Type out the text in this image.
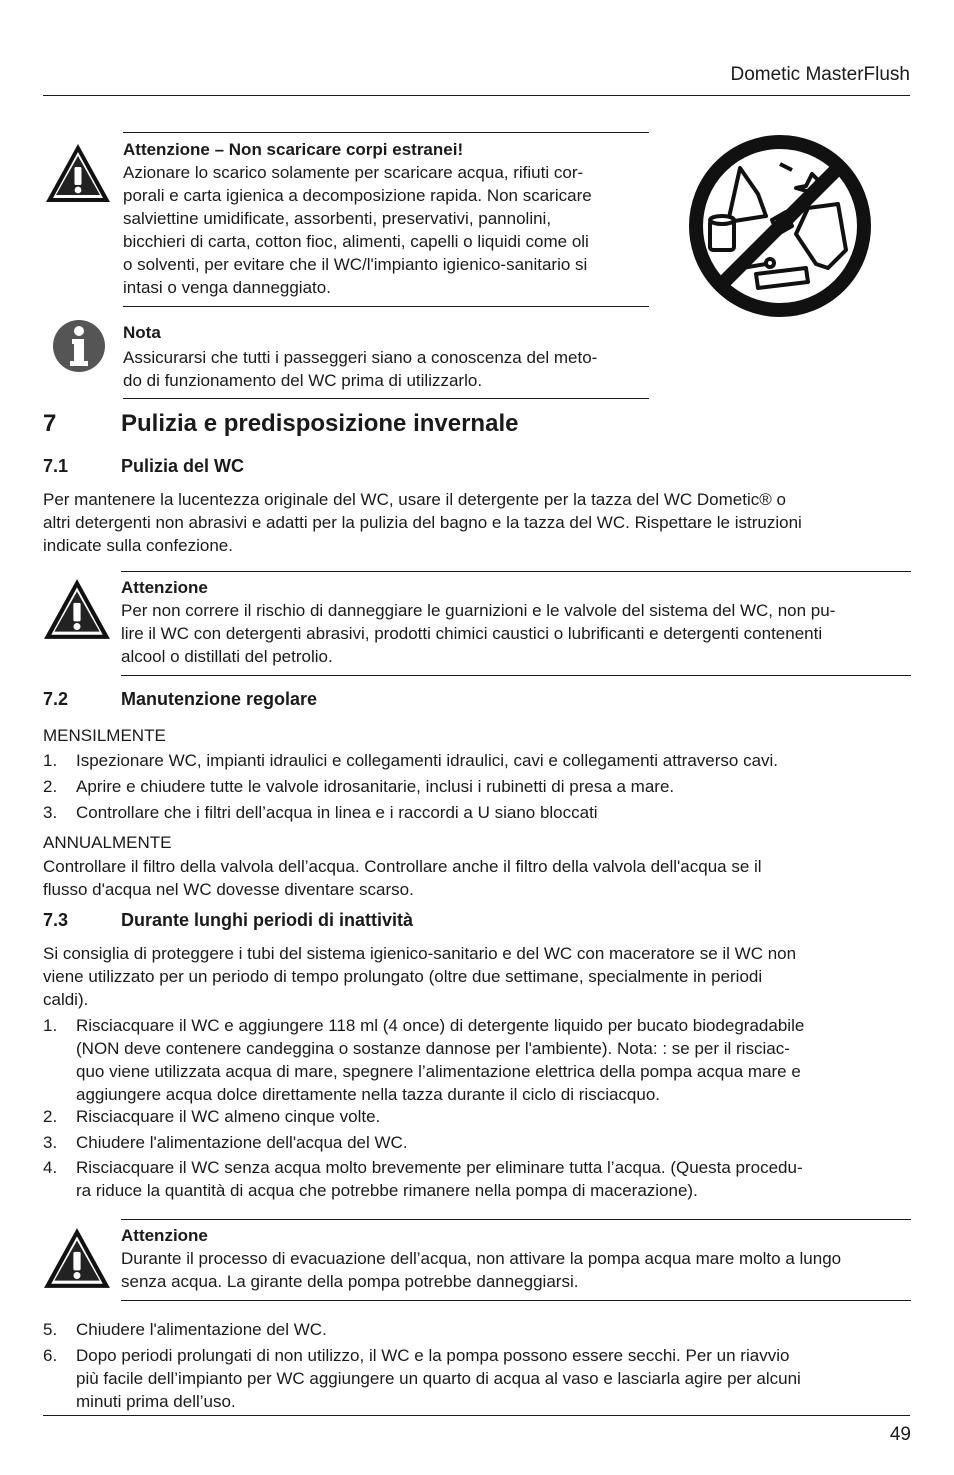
Dometic MasterFlush
Attenzione – Non scaricare corpi estranei!
Azionare lo scarico solamente per scaricare acqua, rifiuti cor-
porali e carta igienica a decomposizione rapida. Non scaricare
salviettine umidificate, assorbenti, preservativi, pannolini,
bicchieri di carta, cotton fioc, alimenti, capelli o liquidi come oli
o solventi, per evitare che il WC/l'impianto igienico-sanitario si
intasi o venga danneggiato.
Nota
Assicurarsi che tutti i passeggeri siano a conoscenza del meto-
do di funzionamento del WC prima di utilizzarlo.
7	Pulizia e predisposizione invernale
7.1	Pulizia del WC
Per mantenere la lucentezza originale del WC, usare il detergente per la tazza del WC Dometic® o
altri detergenti non abrasivi e adatti per la pulizia del bagno e la tazza del WC. Rispettare le istruzioni
indicate sulla confezione.
Attenzione
Per non correre il rischio di danneggiare le guarnizioni e le valvole del sistema del WC, non pu-
lire il WC con detergenti abrasivi, prodotti chimici caustici o lubrificanti e detergenti contenenti
alcool o distillati del petrolio.
7.2	Manutenzione regolare
MENSILMENTE
1.	Ispezionare WC, impianti idraulici e collegamenti idraulici, cavi e collegamenti attraverso cavi.
2.	Aprire e chiudere tutte le valvole idrosanitarie, inclusi i rubinetti di presa a mare.
3.	Controllare che i filtri dell’acqua in linea e i raccordi a U siano bloccati
ANNUALMENTE
Controllare il filtro della valvola dell’acqua. Controllare anche il filtro della valvola dell'acqua se il
flusso d'acqua nel WC dovesse diventare scarso.
7.3	Durante lunghi periodi di inattività
Si consiglia di proteggere i tubi del sistema igienico-sanitario e del WC con maceratore se il WC non
viene utilizzato per un periodo di tempo prolungato (oltre due settimane, specialmente in periodi
caldi).
1.	Risciacquare il WC e aggiungere 118 ml (4 once) di detergente liquido per bucato biodegradabile
(NON deve contenere candeggina o sostanze dannose per l'ambiente). Nota: : se per il risciac-
quo viene utilizzata acqua di mare, spegnere l’alimentazione elettrica della pompa acqua mare e
aggiungere acqua dolce direttamente nella tazza durante il ciclo di risciacquo.
2.	Risciacquare il WC almeno cinque volte.
3.	Chiudere l'alimentazione dell'acqua del WC.
4.	Risciacquare il WC senza acqua molto brevemente per eliminare tutta l’acqua. (Questa procedu-
ra riduce la quantità di acqua che potrebbe rimanere nella pompa di macerazione).
Attenzione
Durante il processo di evacuazione dell’acqua, non attivare la pompa acqua mare molto a lungo
senza acqua. La girante della pompa potrebbe danneggiarsi.
5.	Chiudere l'alimentazione del WC.
6.	Dopo periodi prolungati di non utilizzo, il WC e la pompa possono essere secchi. Per un riavvio
più facile dell’impianto per WC aggiungere un quarto di acqua al vaso e lasciarla agire per alcuni
minuti prima dell’uso.
49
